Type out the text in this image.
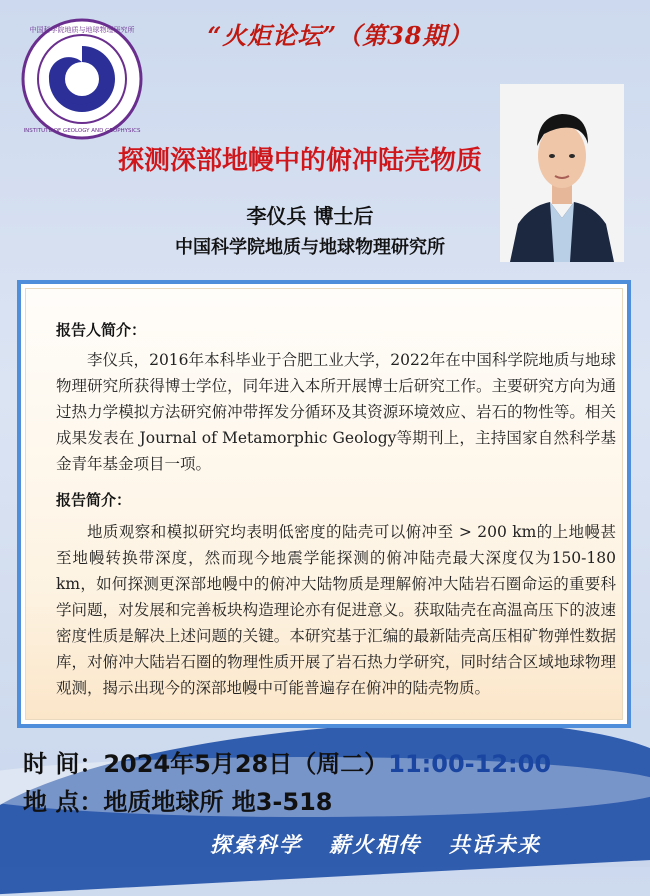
中国科学院地质与地球物理研究所
INSTITUTE OF GEOLOGY AND GEOPHYSICS
“火炬论坛”（第38期）
探测深部地幔中的俯冲陆壳物质
李仪兵 博士后
中国科学院地质与地球物理研究所
报告人简介：
李仪兵，2016年本科毕业于合肥工业大学，2022年在中国科学院地质与地球物理研究所获得博士学位，同年进入本所开展博士后研究工作。主要研究方向为通过热力学模拟方法研究俯冲带挥发分循环及其资源环境效应、岩石的物性等。相关成果发表在 Journal of Metamorphic Geology等期刊上，主持国家自然科学基金青年基金项目一项。
报告简介：
地质观察和模拟研究均表明低密度的陆壳可以俯冲至 > 200 km的上地幔甚至地幔转换带深度，然而现今地震学能探测的俯冲陆壳最大深度仅为150-180 km，如何探测更深部地幔中的俯冲大陆物质是理解俯冲大陆岩石圈命运的重要科学问题，对发展和完善板块构造理论亦有促进意义。获取陆壳在高温高压下的波速密度性质是解决上述问题的关键。本研究基于汇编的最新陆壳高压相矿物弹性数据库，对俯冲大陆岩石圈的物理性质开展了岩石热力学研究，同时结合区域地球物理观测，揭示出现今的深部地幔中可能普遍存在俯冲的陆壳物质。
时 间：2024年5月28日（周二）11:00-12:00
地 点：地质地球所 地3-518
探索科学 薪火相传 共话未来
